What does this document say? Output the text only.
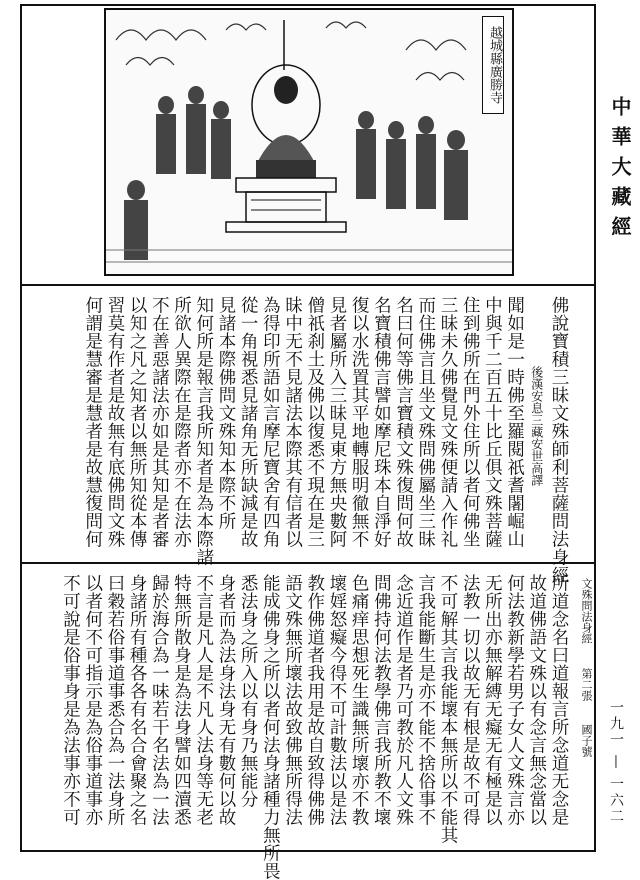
越城縣廣勝寺
中華大藏經
一九一 — 一六二

佛說寶積三昧文殊師利菩薩問法身經

後漢安息三藏安世高譯

聞如是一時佛至羅閱祇耆闍崛山

中與千二百五十比丘俱文殊菩薩

住到佛所在門外住所以者何佛坐

三昧未久佛覺見文殊便請入作礼

而住佛言且坐文殊問佛屬坐三昧

名曰何等佛言寶積文殊復問何故

名寶積佛言譬如摩尼珠本自淨好

復以水洗置其平地轉服明徹無不

見者屬所入三昧見東方無央數阿

僧祇刹土及佛以復悉不現在是三

昧中无不見諸法本際其有信者以

為得印所語如言摩尼寶舍有四角

從一角視悉見諸角无所缺減是故

見諸本際佛問文殊知本際不所

知何所是報言我所知者是為本際諸

所欲人異際在是際者亦不在法亦

不在善惡諸法亦如是其知是者審

以知之凡之知者以無所知從本傳

習莫有作者是故無有底佛問文殊

何謂是慧審是慧者是故慧復問何

文殊問法身經 第二張 國子號

所道念名曰道報言所念道无念是

故道佛語文殊以有念言無念當以

何法教新學若男子女人文殊言亦

无所出亦無解縛无癡无有極是以

法教一切以故无有根是故不可得

不可解其言我能壞本無所以不能其

言我能斷生是亦不能不捨俗事不

念近道作是者乃可教於凡人文殊

問佛持何法教學佛言我所教不壞

色痛痒思想死生識無所壞亦不教

壞婬怒癡今得不可計數法以是法

教作佛道者我用是故自致得佛佛

語文殊無所壞法故致佛無所得法

能成佛身之所以者何法身諸種力無所畏

悉法身之所入以有身乃無能分

身者而為法身法身无有數何以故

不言是凡人是不凡人法身等无老

特無所散身是為法身譬如四瀆悉

歸於海合為一味若干名法為一法

身諸所有種各各有名合會聚之名

曰穀若俗事道事悉合為一法身所

以者何不可指示是為俗事道事亦

不可說是俗事身是為法事亦不可
